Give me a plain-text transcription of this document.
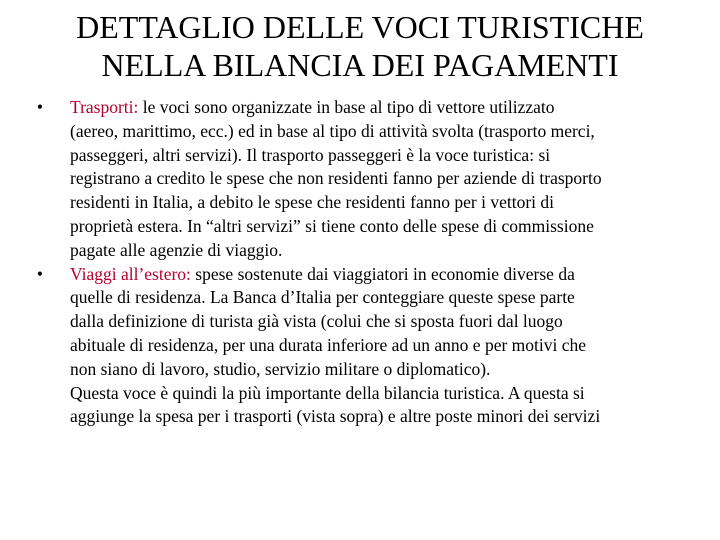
DETTAGLIO DELLE VOCI TURISTICHE
NELLA BILANCIA DEI PAGAMENTI
•	Trasporti: le voci sono organizzate in base al tipo di vettore utilizzato
(aereo, marittimo, ecc.) ed in base al tipo di attività svolta (trasporto merci,
passeggeri, altri servizi). Il trasporto passeggeri è la voce turistica: si
registrano a credito le spese che non residenti fanno per aziende di trasporto
residenti in Italia, a debito le spese che residenti fanno per i vettori di
proprietà estera. In “altri servizi” si tiene conto delle spese di commissione
pagate alle agenzie di viaggio.
•	Viaggi all’estero: spese sostenute dai viaggiatori in economie diverse da
quelle di residenza. La Banca d’Italia per conteggiare queste spese parte
dalla definizione di turista già vista (colui che si sposta fuori dal luogo
abituale di residenza, per una durata inferiore ad un anno e per motivi che
non siano di lavoro, studio, servizio militare o diplomatico).
Questa voce è quindi la più importante della bilancia turistica. A questa si
aggiunge la spesa per i trasporti (vista sopra) e altre poste minori dei servizi
